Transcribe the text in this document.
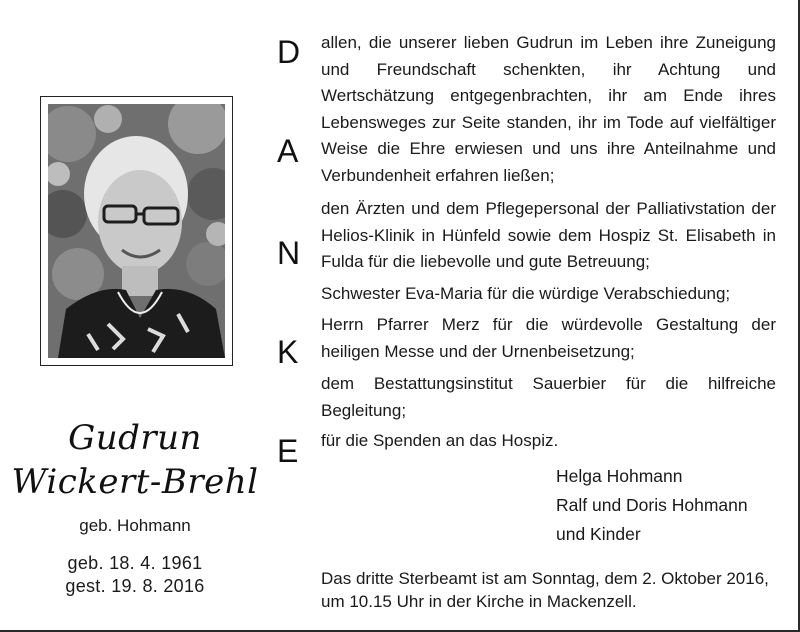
Gudrun
Wickert-Brehl
geb. Hohmann
geb. 18. 4. 1961
gest. 19. 8. 2016
D
A
N
K
E
allen, die unserer lieben Gudrun im Leben ihre Zuneigung und Freundschaft schenkten, ihr Achtung und Wertschätzung entgegenbrachten, ihr am Ende ihres Lebensweges zur Seite standen, ihr im Tode auf vielfältiger Weise die Ehre erwiesen und uns ihre Anteilnahme und Verbundenheit erfahren ließen;
den Ärzten und dem Pflegepersonal der Palliativstation der Helios-Klinik in Hünfeld sowie dem Hospiz St. Elisabeth in Fulda für die liebevolle und gute Betreuung;
Schwester Eva-Maria für die würdige Verabschiedung;
Herrn Pfarrer Merz für die würdevolle Gestaltung der heiligen Messe und der Urnenbeisetzung;
dem Bestattungsinstitut Sauerbier für die hilfreiche Begleitung;
für die Spenden an das Hospiz.
Helga Hohmann
Ralf und Doris Hohmann
und Kinder
Das dritte Sterbeamt ist am Sonntag, dem 2. Oktober 2016,
um 10.15 Uhr in der Kirche in Mackenzell.
